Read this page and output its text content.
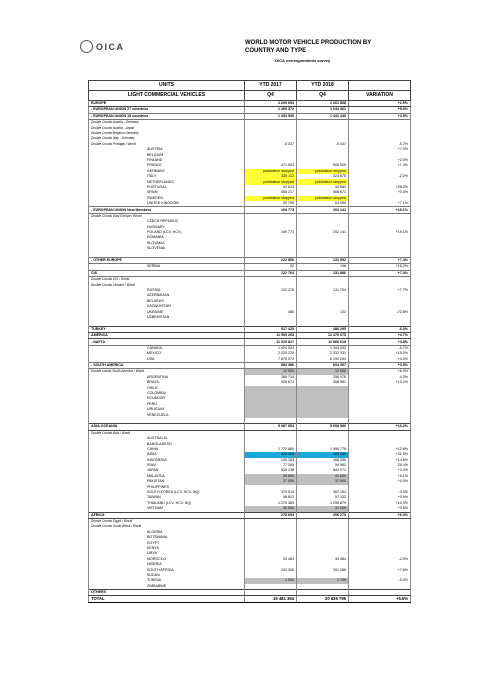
OICA	WORLD MOTOR VEHICLE PRODUCTION BY
COUNTRY AND TYPE
OICA correspondents survey
UNITS	YTD 2017	YTD 2018	
LIGHT COMMERCIAL VEHICLES	Q4	Q4	VARIATION
EUROPE	2 205 653	2 261 868	+2.5%
- EUROPEAN UNION 27 countries	1 365 372	1 643 361	+5.0%
- EUROPEAN UNION 15 countries	1 393 539	1 441 440	+3.5%
Double Counts Austria - Germany			
Double Counts Austria - Japan			
Double Counts Belgium Germany			
Double Counts Italy - Germany			
Double Counts Portugal / World	-5 347	-5 037	-5.7%
AUSTRIA			+7.0%
BELGIUM			
FINLAND			+2.0%
FRANCE	471 503	506 000	+7.4%
GERMANY	publication stopped	publication stopped	
ITALY	330 112	324 675	-2.2%
NETHERLANDS	publication stopped	publication stopped	
PORTUGAL	42 613	54 683	+28.2%
SPAIN	465 217	466 671	+0.3%
SWEDEN	publication stopped	publication stopped	
UNITED KINGDOM	59 795	64 050	+7.1%
- EUROPEAN UNION New Members	169 773	202 141	+19.1%
Double Counts East Europe / World			
CZECH REPUBLIC			
HUNGARY			
POLAND (LCV, HCV)	169 773	202 141	+19.1%
ROMANIA			
SLOVAKIA			
SLOVENIA			

- OTHER EUROPE	122 856	131 992	+7.4%
SERBIA	92	106	+15.2%
CIS	122 764	131 886	+7.4%
Double Counts CIS / World			
Double Counts Ukraine / World			
RUSSIA	122 278	131 754	+7.7%
AZERBAIJAN			
BELARUS			
KAZAKHSTAN			
UKRAINE	486	132	-72.8%
UZBEKISTAN			

TURKEY	517 425	486 295	-6.0%
AMERICA	11 909 203	12 470 675	+4.7%
- NAFTA	11 325 817	11 866 618	+4.8%
CANADA	1 424 524	1 344 033	-5.7%
MEXICO	2 025 220	2 332 331	+15.2%
USA	7 876 073	8 190 254	+4.0%
- SOUTH AMERICA	583 386	604 057	+3.5%
Double counts South America / World	12 000	12 000	+6.3%
ARGENTINA	269 714	258 076	-4.3%
BRAZIL	325 672	358 981	+10.2%
CHILE			
COLOMBIA			
ECUADOR			
PERU			
URUGUAY			
VENEZUELA			

ASIA-OCEANIA	5 087 854	5 608 986	+10.2%
Double Counts Asia / World			
AUSTRALIA			
BANGLADESH			
CHINA	1 772 860	1 995 776	+12.6%
INDIA	125 303	165 189	+31.5%
INDONESIA	145 183	166 336	+14.6%
IRAN	77 265	54 563	-29.4%
JAPAN	815 138	843 071	+3.4%
MALAYSIA	39 600	41 600	+5.1%
PAKISTAN	37 000	37 000	+0.0%
PHILIPPINES			
SOUTH KOREA (LCV, HCV, BQ)	379 514	367 154	-3.3%
TAIWAN	56 823	57 332	+0.9%
THAILAND (LCV, HCV, BQ)	1 170 383	1 290 679	+10.3%
VIETNAM	30 500	31 000	+0.5%
AFRICA	278 654	296 270	+6.3%
Double Counts Egypt / World			
Double Counts South Africa / World			
ALGERIA			
BOTSWANA			
EGYPT			
KENYA			
LIBYA			
MOROCCO	34 464	33 484	-2.9%
NIGERIA			
SOUTH AFRICA	242 300	261 086	+7.8%
SUDAN			
TUNISIA	1 900	1 700	-5.0%
ZIMBABWE			
OTHERS			
TOTAL	19 481 394	20 625 795	+5.9%
